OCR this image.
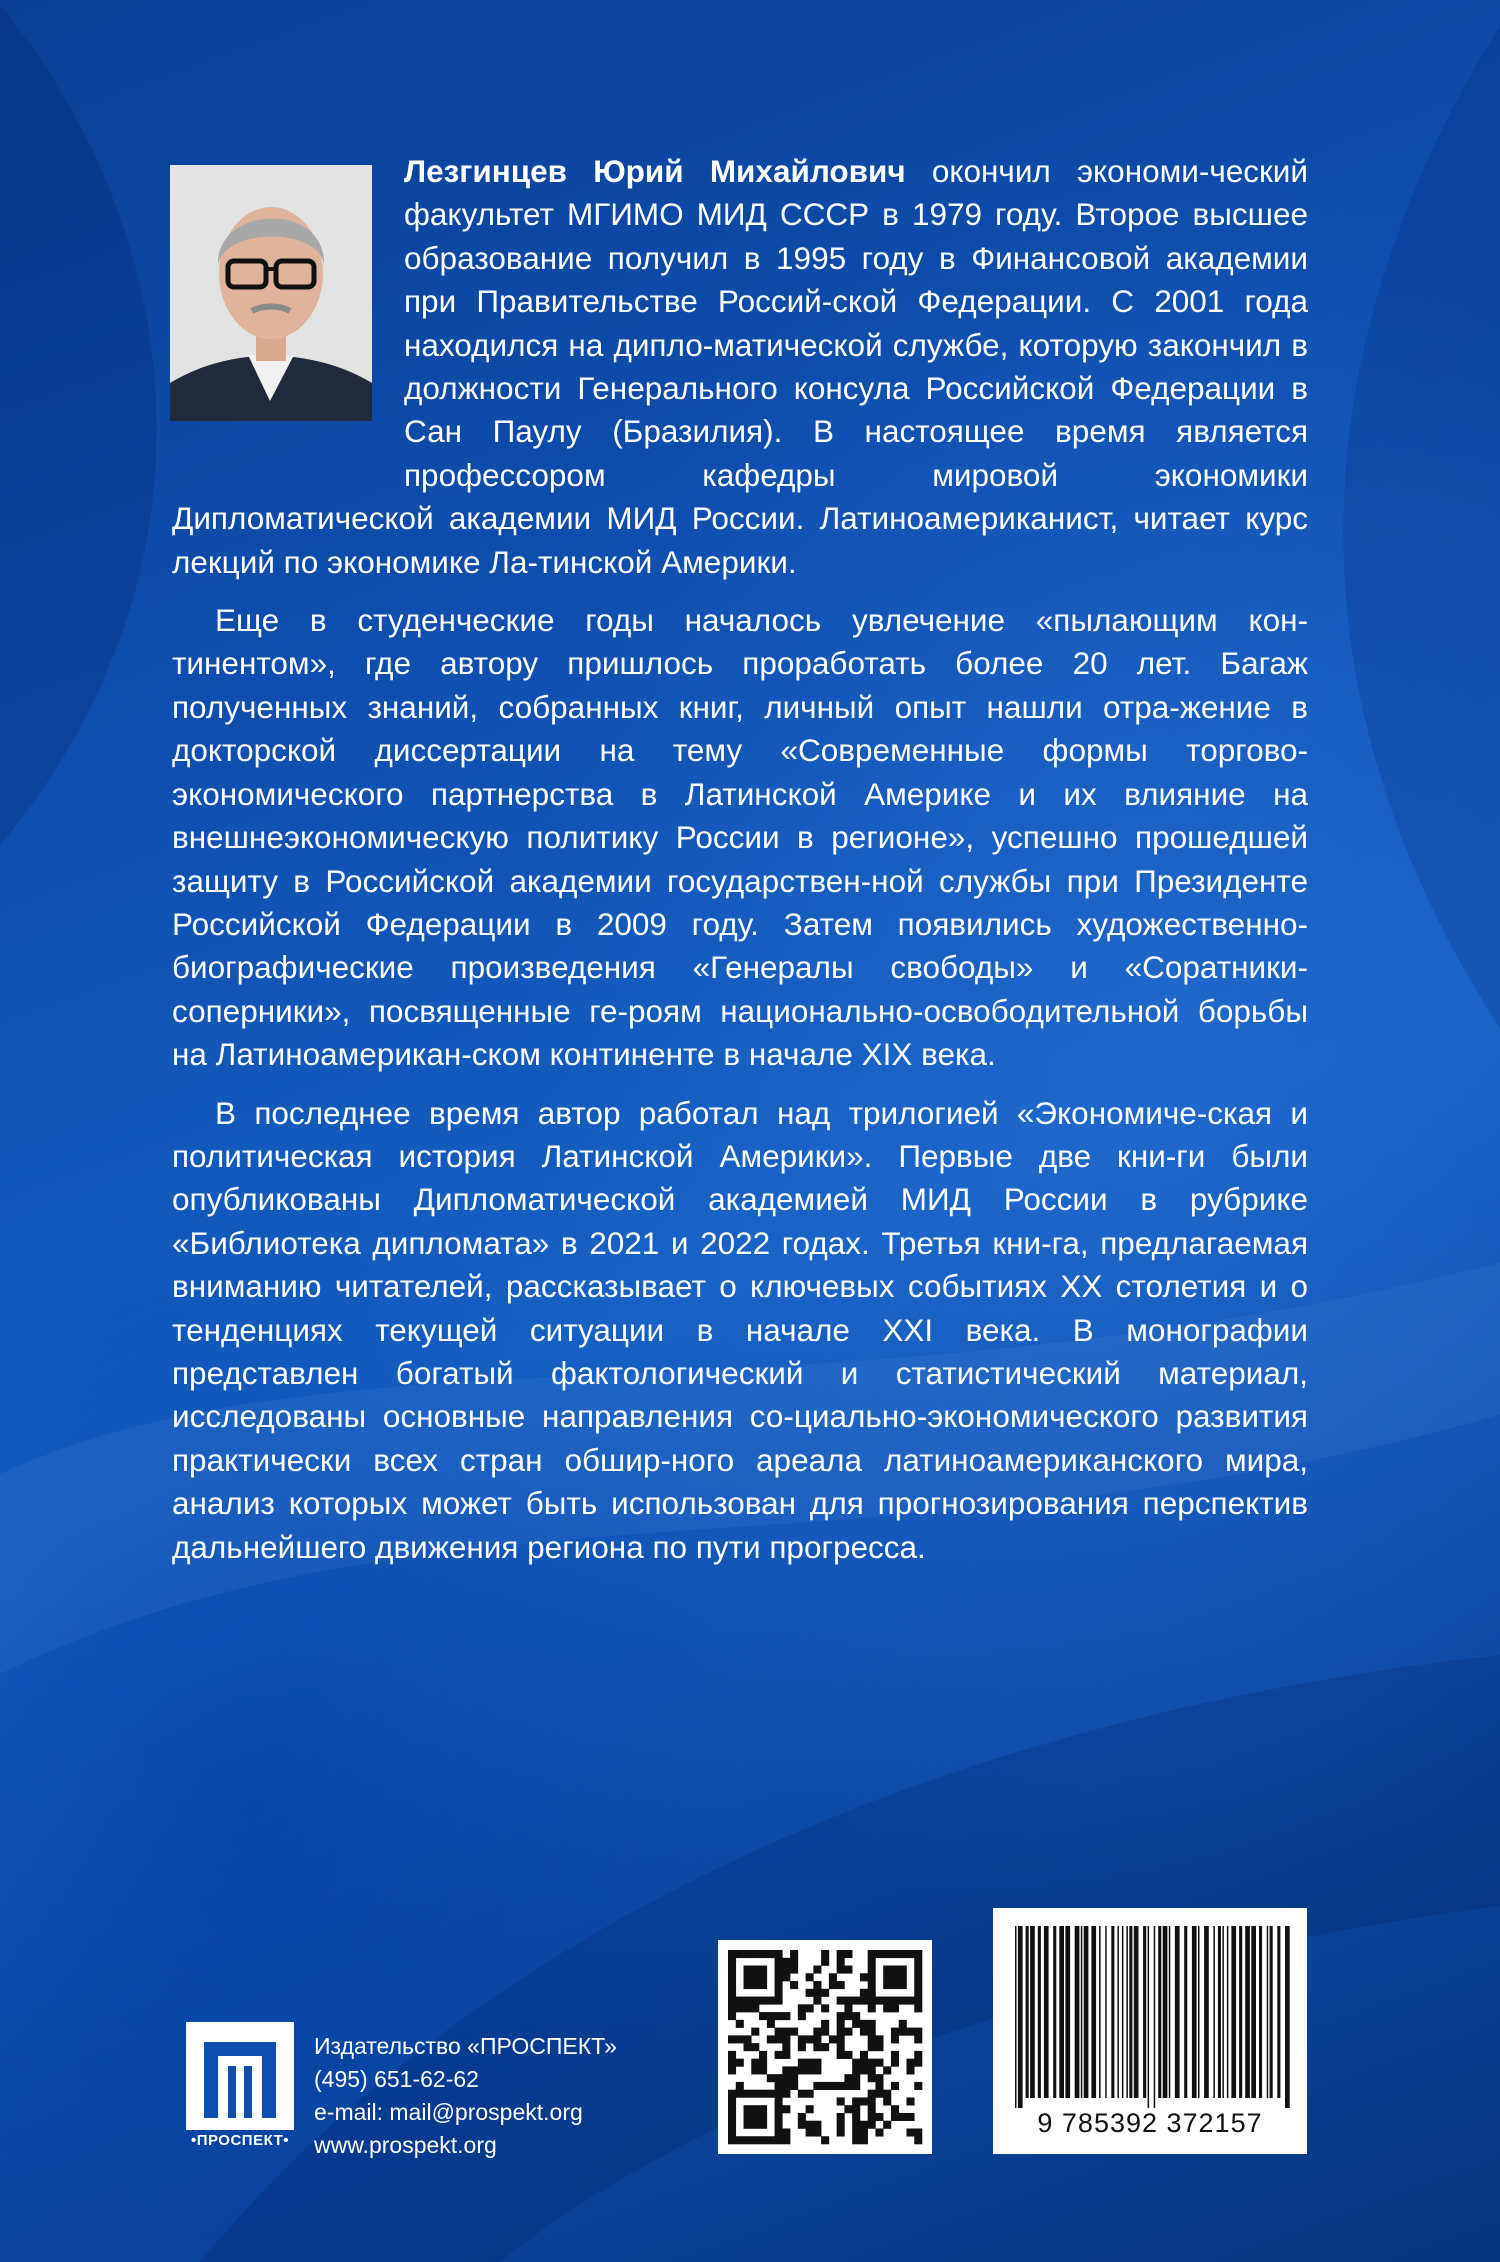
Лезгинцев Юрий Михайлович окончил экономи-ческий факультет МГИМО МИД СССР в 1979 году. Второе высшее образование получил в 1995 году в Финансовой академии при Правительстве Россий-ской Федерации. С 2001 года находился на дипло-матической службе, которую закончил в должности Генерального консула Российской Федерации в Сан Паулу (Бразилия). В настоящее время является профессором кафедры мировой экономики Дипломатической академии МИД России. Латиноамериканист, читает курс лекций по экономике Ла-тинской Америки.

Еще в студенческие годы началось увлечение «пылающим кон-тинентом», где автору пришлось проработать более 20 лет. Багаж полученных знаний, собранных книг, личный опыт нашли отра-жение в докторской диссертации на тему «Современные формы торгово-экономического партнерства в Латинской Америке и их влияние на внешнеэкономическую политику России в регионе», успешно прошедшей защиту в Российской академии государствен-ной службы при Президенте Российской Федерации в 2009 году. Затем появились художественно-биографические произведения «Генералы свободы» и «Соратники-соперники», посвященные ге-роям национально-освободительной борьбы на Латиноамерикан-ском континенте в начале XIX века.

В последнее время автор работал над трилогией «Экономиче-ская и политическая история Латинской Америки». Первые две кни-ги были опубликованы Дипломатической академией МИД России в рубрике «Библиотека дипломата» в 2021 и 2022 годах. Третья кни-га, предлагаемая вниманию читателей, рассказывает о ключевых событиях XX столетия и о тенденциях текущей ситуации в начале XXI века. В монографии представлен богатый фактологический и статистический материал, исследованы основные направления со-циально-экономического развития практически всех стран обшир-ного ареала латиноамериканского мира, анализ которых может быть использован для прогнозирования перспектив дальнейшего движения региона по пути прогресса.

•ПРОСПЕКТ•
Издательство «ПРОСПЕКТ»
(495) 651-62-62
e-mail: mail@prospekt.org
www.prospekt.org
9 785392 372157
